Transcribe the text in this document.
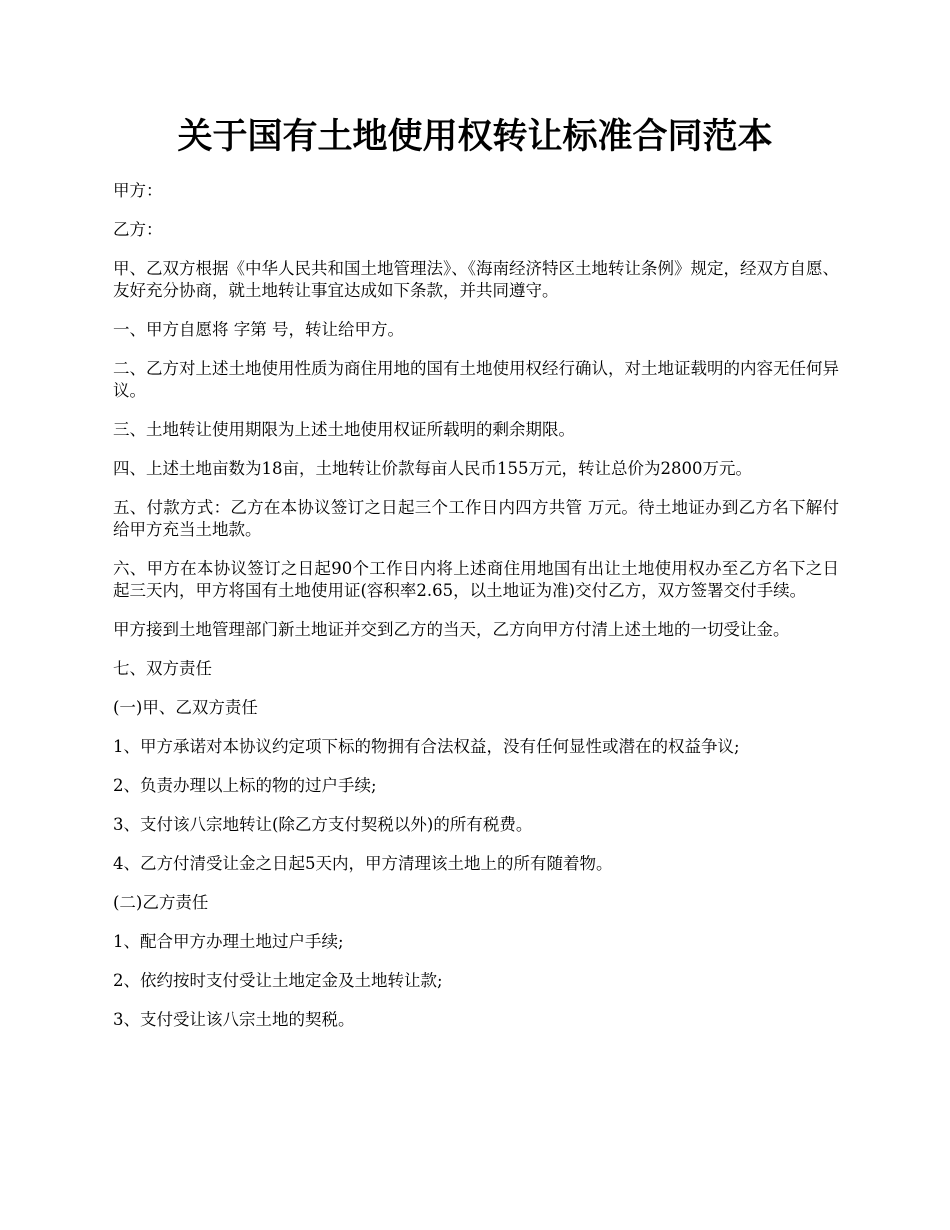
关于国有土地使用权转让标准合同范本

甲方：

乙方：

甲、乙双方根据《中华人民共和国土地管理法》、《海南经济特区土地转让条例》规定，经双方自愿、友好充分协商，就土地转让事宜达成如下条款，并共同遵守。

一、甲方自愿将 字第 号，转让给甲方。

二、乙方对上述土地使用性质为商住用地的国有土地使用权经行确认，对土地证载明的内容无任何异议。

三、土地转让使用期限为上述土地使用权证所载明的剩余期限。

四、上述土地亩数为18亩，土地转让价款每亩人民币155万元，转让总价为2800万元。

五、付款方式：乙方在本协议签订之日起三个工作日内四方共管 万元。待土地证办到乙方名下解付给甲方充当土地款。

六、甲方在本协议签订之日起90个工作日内将上述商住用地国有出让土地使用权办至乙方名下之日起三天内，甲方将国有土地使用证(容积率2.65，以土地证为准)交付乙方，双方签署交付手续。

甲方接到土地管理部门新土地证并交到乙方的当天，乙方向甲方付清上述土地的一切受让金。

七、双方责任

(一)甲、乙双方责任

1、甲方承诺对本协议约定项下标的物拥有合法权益，没有任何显性或潜在的权益争议;

2、负责办理以上标的物的过户手续;

3、支付该八宗地转让(除乙方支付契税以外)的所有税费。

4、乙方付清受让金之日起5天内，甲方清理该土地上的所有随着物。

(二)乙方责任

1、配合甲方办理土地过户手续;

2、依约按时支付受让土地定金及土地转让款;

3、支付受让该八宗土地的契税。
